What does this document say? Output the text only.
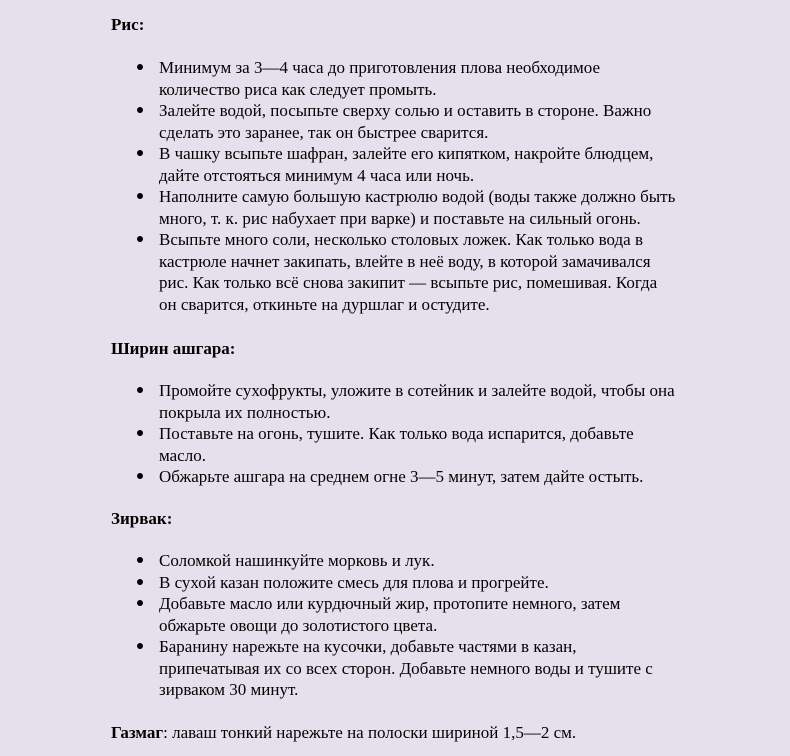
Рис:
Минимум за 3—4 часа до приготовления плова необходимое
количество риса как следует промыть.
Залейте водой, посыпьте сверху солью и оставить в стороне. Важно
сделать это заранее, так он быстрее сварится.
В чашку всыпьте шафран, залейте его кипятком, накройте блюдцем,
дайте отстояться минимум 4 часа или ночь.
Наполните самую большую кастрюлю водой (воды также должно быть
много, т. к. рис набухает при варке) и поставьте на сильный огонь.
Всыпьте много соли, несколько столовых ложек. Как только вода в
кастрюле начнет закипать, влейте в неё воду, в которой замачивался
рис. Как только всё снова закипит — всыпьте рис, помешивая. Когда
он сварится, откиньте на дуршлаг и остудите.
Ширин ашгара:
Промойте сухофрукты, уложите в сотейник и залейте водой, чтобы она
покрыла их полностью.
Поставьте на огонь, тушите. Как только вода испарится, добавьте
масло.
Обжарьте ашгара на среднем огне 3—5 минут, затем дайте остыть.
Зирвак:
Соломкой нашинкуйте морковь и лук.
В сухой казан положите смесь для плова и прогрейте.
Добавьте масло или курдючный жир, протопите немного, затем
обжарьте овощи до золотистого цвета.
Баранину нарежьте на кусочки, добавьте частями в казан,
припечатывая их со всех сторон. Добавьте немного воды и тушите с
зирваком 30 минут.
Газмаг: лаваш тонкий нарежьте на полоски шириной 1,5—2 см.
